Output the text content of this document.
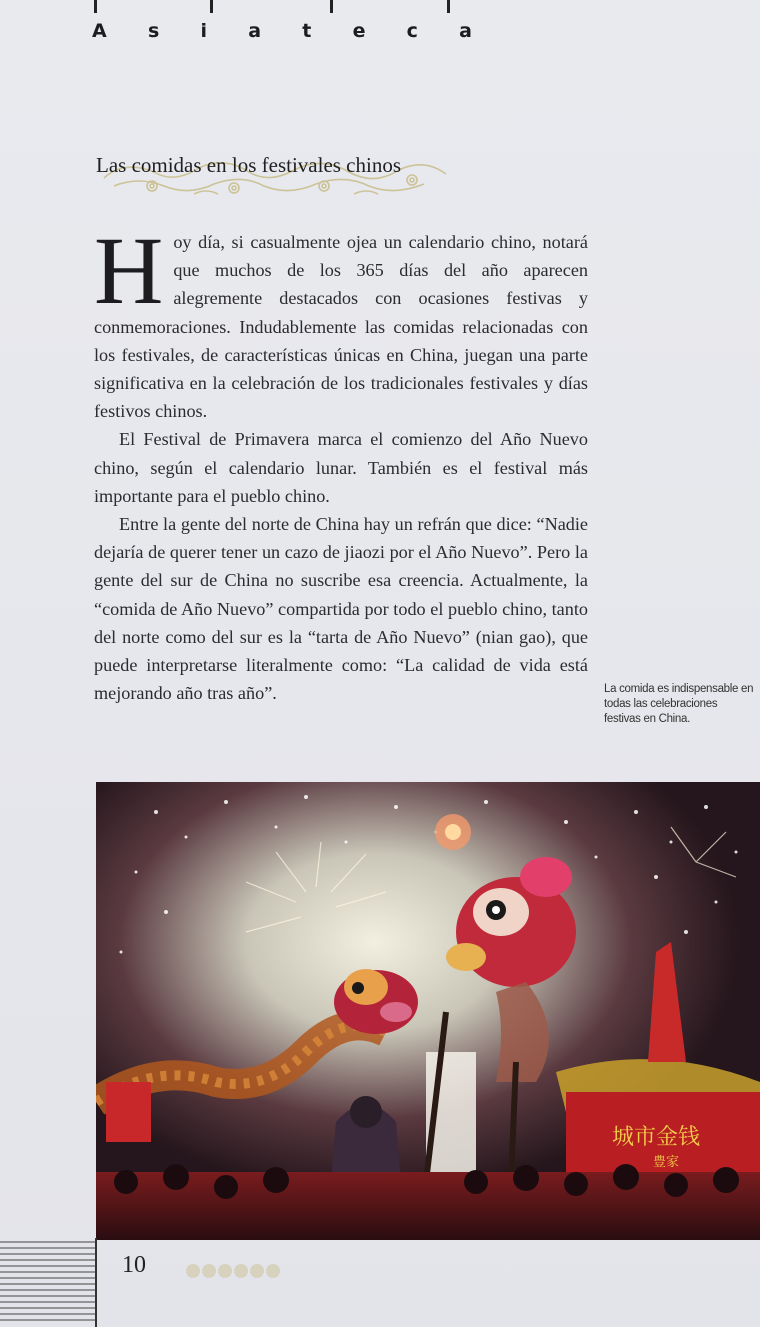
A s i a t e c a
Las comidas en los festivales chinos

Hoy día, si casualmente ojea un calendario chino, notará que muchos de los 365 días del año aparecen alegremente destacados con ocasiones festivas y conmemoraciones. Indudablemente las comidas relacionadas con los festivales, de características únicas en China, juegan una parte significativa en la celebración de los tradicionales festivales y días festivos chinos.

El Festival de Primavera marca el comienzo del Año Nuevo chino, según el calendario lunar. También es el festival más importante para el pueblo chino.

Entre la gente del norte de China hay un refrán que dice: “Nadie dejaría de querer tener un cazo de jiaozi por el Año Nuevo”. Pero la gente del sur de China no suscribe esa creencia. Actualmente, la “comida de Año Nuevo” compartida por todo el pueblo chino, tanto del norte como del sur es la “tarta de Año Nuevo” (nian gao), que puede interpretarse literalmente como: “La calidad de vida está mejorando año tras año”.	La comida es indispensable en todas las celebraciones festivas en China.

城市金钱
豊家

10
